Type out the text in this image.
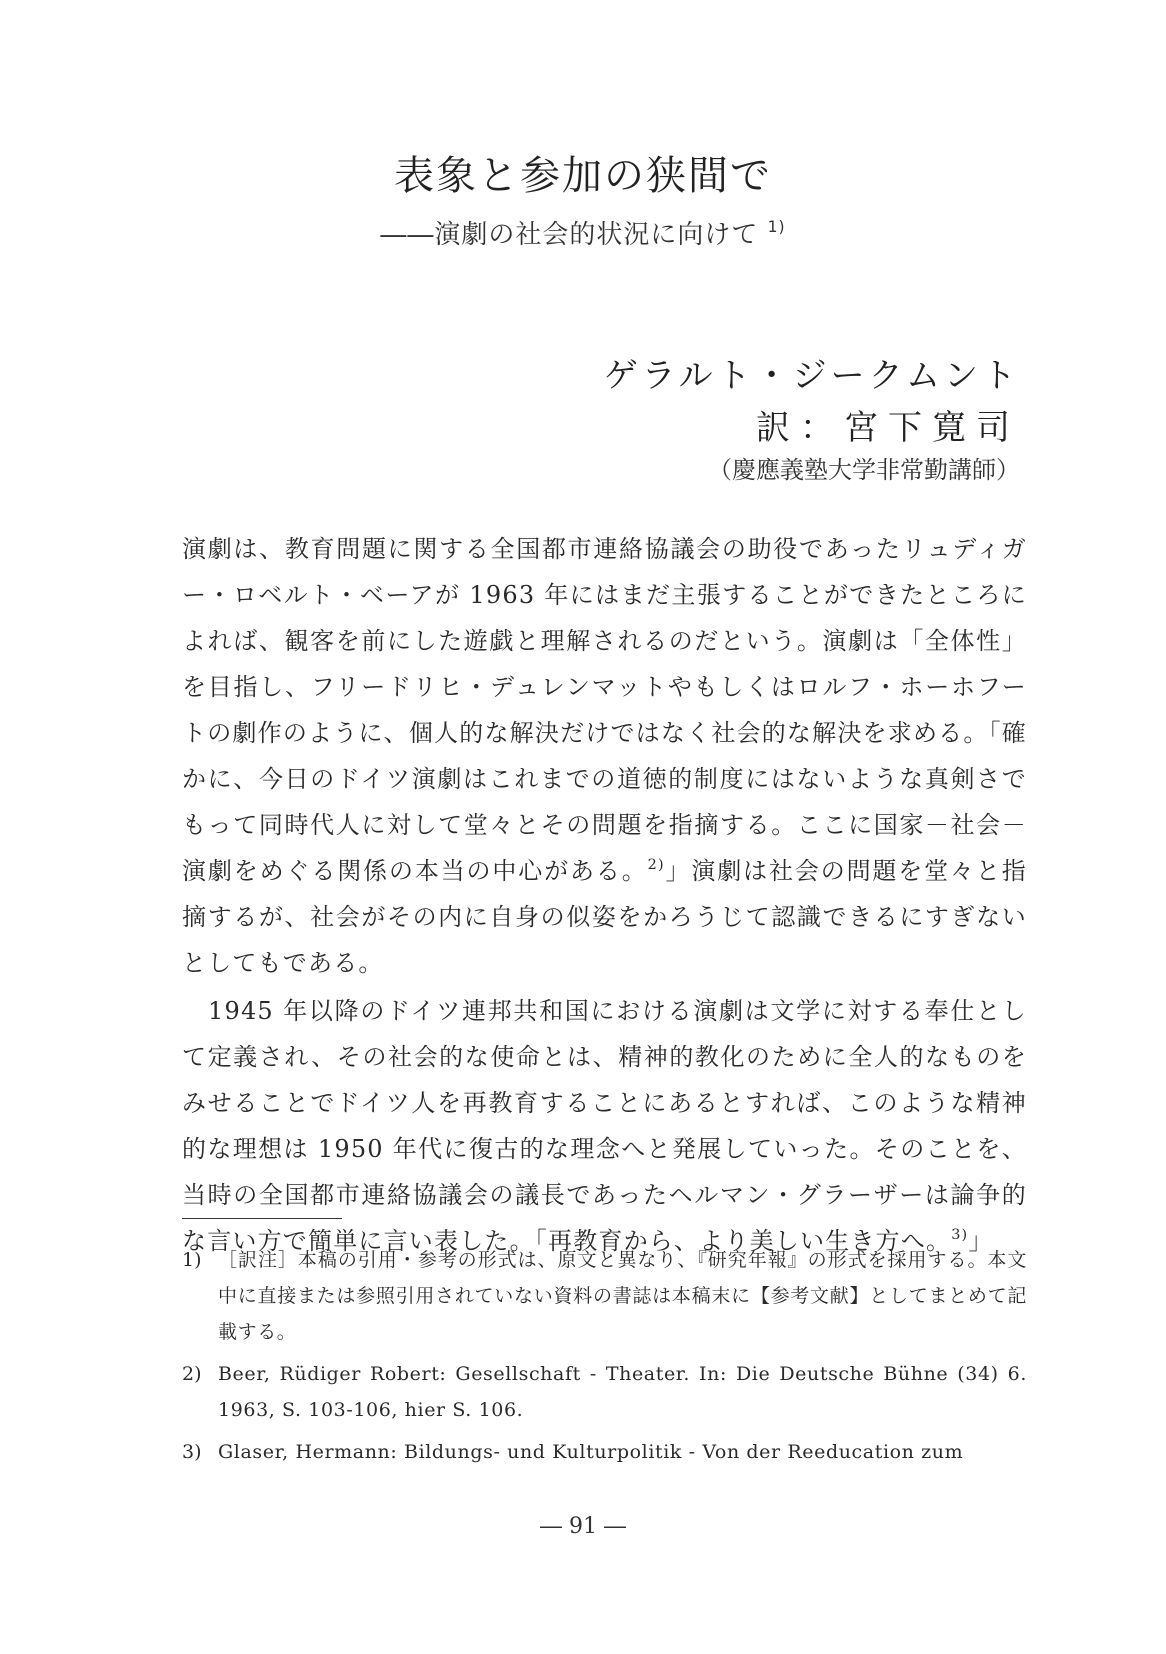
表象と参加の狭間で
――演劇の社会的状況に向けて $^{1)}$
ゲラルト・ジークムント
訳：宮下寛司
（慶應義塾大学非常勤講師）

演劇は、教育問題に関する全国都市連絡協議会の助役であったリュディガー・ロベルト・ベーアが 1963 年にはまだ主張することができたところによれば、観客を前にした遊戯と理解されるのだという。演劇は「全体性」を目指し、フリードリヒ・デュレンマットやもしくはロルフ・ホーホフートの劇作のように、個人的な解決だけではなく社会的な解決を求める。「確かに、今日のドイツ演劇はこれまでの道徳的制度にはないような真剣さでもって同時代人に対して堂々とその問題を指摘する。ここに国家－社会－演劇をめぐる関係の本当の中心がある。$^{2)}$」演劇は社会の問題を堂々と指摘するが、社会がその内に自身の似姿をかろうじて認識できるにすぎないとしてもである。

1945 年以降のドイツ連邦共和国における演劇は文学に対する奉仕として定義され、その社会的な使命とは、精神的教化のために全人的なものをみせることでドイツ人を再教育することにあるとすれば、このような精神的な理想は 1950 年代に復古的な理念へと発展していった。そのことを、当時の全国都市連絡協議会の議長であったヘルマン・グラーザーは論争的な言い方で簡単に言い表した。「再教育から、より美しい生き方へ。$^{3)}$」

1) ［訳注］本稿の引用・参考の形式は、原文と異なり、『研究年報』の形式を採用する。本文中に直接または参照引用されていない資料の書誌は本稿末に【参考文献】としてまとめて記載する。
2) Beer, Rüdiger Robert: Gesellschaft - Theater. In: Die Deutsche Bühne (34) 6. 1963, S. 103-106, hier S. 106.
3) Glaser, Hermann: Bildungs- und Kulturpolitik - Von der Reeducation zum
― 91 ―
